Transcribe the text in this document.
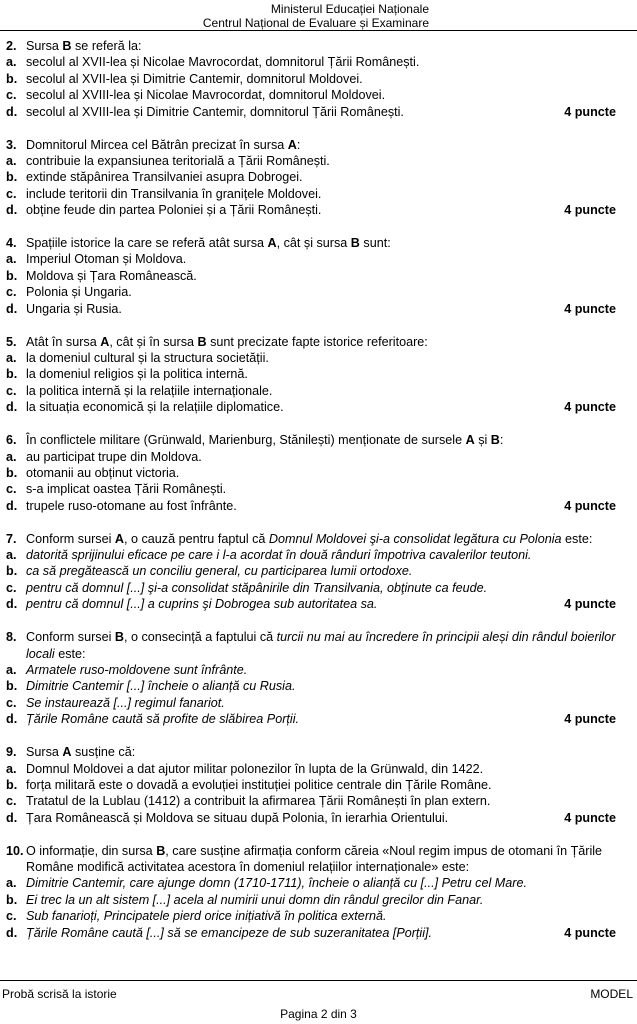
Ministerul Educației Naționale
Centrul Național de Evaluare și Examinare
2. Sursa B se referă la:
a. secolul al XVII-lea și Nicolae Mavrocordat, domnitorul Țării Românești.
b. secolul al XVII-lea și Dimitrie Cantemir, domnitorul Moldovei.
c. secolul al XVIII-lea și Nicolae Mavrocordat, domnitorul Moldovei.
d. secolul al XVIII-lea și Dimitrie Cantemir, domnitorul Țării Românești.	4 puncte
3. Domnitorul Mircea cel Bătrân precizat în sursa A:
a. contribuie la expansiunea teritorială a Țării Românești.
b. extinde stăpânirea Transilvaniei asupra Dobrogei.
c. include teritorii din Transilvania în granițele Moldovei.
d. obține feude din partea Poloniei și a Țării Românești.	4 puncte
4. Spațiile istorice la care se referă atât sursa A, cât și sursa B sunt:
a. Imperiul Otoman și Moldova.
b. Moldova și Țara Românească.
c. Polonia și Ungaria.
d. Ungaria și Rusia.	4 puncte
5. Atât în sursa A, cât și în sursa B sunt precizate fapte istorice referitoare:
a. la domeniul cultural și la structura societății.
b. la domeniul religios și la politica internă.
c. la politica internă și la relațiile internaționale.
d. la situația economică și la relațiile diplomatice.	4 puncte
6. În conflictele militare (Grünwald, Marienburg, Stănilești) menționate de sursele A și B:
a. au participat trupe din Moldova.
b. otomanii au obținut victoria.
c. s-a implicat oastea Țării Românești.
d. trupele ruso-otomane au fost înfrânte.	4 puncte
7. Conform sursei A, o cauză pentru faptul că Domnul Moldovei şi-a consolidat legătura cu Polonia este:
a. datorită sprijinului eficace pe care i l-a acordat în două rânduri împotriva cavalerilor teutoni.
b. ca să pregătească un conciliu general, cu participarea lumii ortodoxe.
c. pentru că domnul [...] şi-a consolidat stăpânirile din Transilvania, obţinute ca feude.
d. pentru că domnul [...] a cuprins şi Dobrogea sub autoritatea sa.	4 puncte
8. Conform sursei B, o consecință a faptului că turcii nu mai au încredere în principii aleși din rândul boierilor locali este:
a. Armatele ruso-moldovene sunt înfrânte.
b. Dimitrie Cantemir [...] încheie o alianță cu Rusia.
c. Se instaurează [...] regimul fanariot.
d. Țările Române caută să profite de slăbirea Porții.	4 puncte
9. Sursa A susține că:
a. Domnul Moldovei a dat ajutor militar polonezilor în lupta de la Grünwald, din 1422.
b. forța militară este o dovadă a evoluției instituției politice centrale din Țările Române.
c. Tratatul de la Lublau (1412) a contribuit la afirmarea Țării Românești în plan extern.
d. Țara Românească și Moldova se situau după Polonia, în ierarhia Orientului.	4 puncte
10. O informație, din sursa B, care susține afirmația conform căreia «Noul regim impus de otomani în Țările Române modifică activitatea acestora în domeniul relațiilor internaționale» este:
a. Dimitrie Cantemir, care ajunge domn (1710-1711), încheie o alianță cu [...] Petru cel Mare.
b. Ei trec la un alt sistem [...] acela al numirii unui domn din rândul grecilor din Fanar.
c. Sub fanarioți, Principatele pierd orice inițiativă în politica externă.
d. Țările Române caută [...] să se emancipeze de sub suzeranitatea [Porții].	4 puncte
Probă scrisă la istorie	MODEL
Pagina 2 din 3
